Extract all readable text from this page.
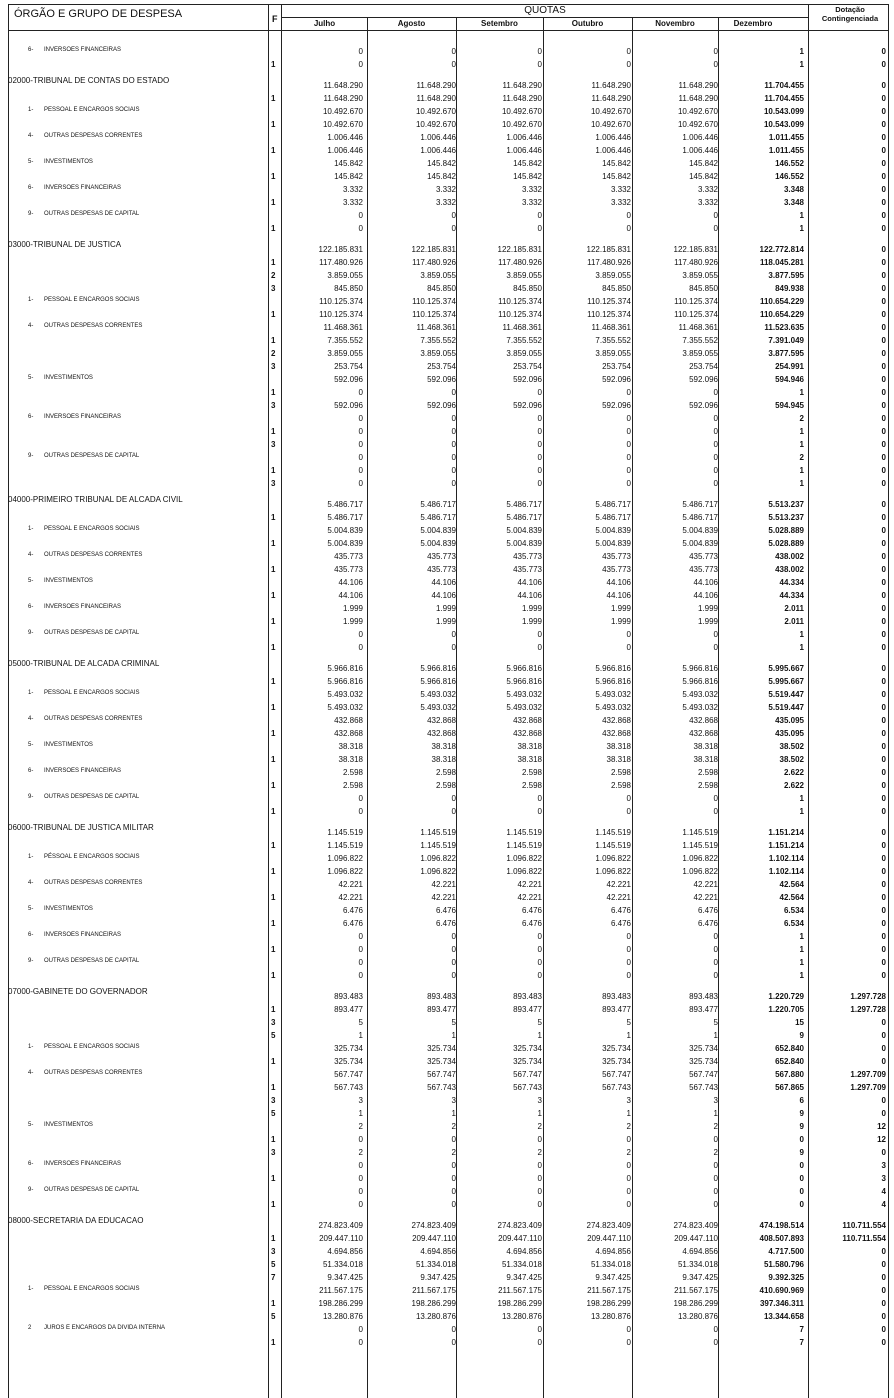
ÓRGÃO E GRUPO DE DESPESA	F
QUOTAS
Julho	Agosto	Setembro	Outubro	Novembro	Dezembro
Dotação
Contingenciada
6- INVERSOES FINANCEIRAS	0	0	0	0	0	1	0
1	0	0	0	0	0	1	0
02000-TRIBUNAL DE CONTAS DO ESTADO
11.648.290	11.648.290	11.648.290	11.648.290	11.648.290	11.704.455	0
1	11.648.290	11.648.290	11.648.290	11.648.290	11.648.290	11.704.455	0
1- PESSOAL E ENCARGOS SOCIAIS	10.492.670	10.492.670	10.492.670	10.492.670	10.492.670	10.543.099	0
1	10.492.670	10.492.670	10.492.670	10.492.670	10.492.670	10.543.099	0
4- OUTRAS DESPESAS CORRENTES	1.006.446	1.006.446	1.006.446	1.006.446	1.006.446	1.011.455	0
1	1.006.446	1.006.446	1.006.446	1.006.446	1.006.446	1.011.455	0
5- INVESTIMENTOS	145.842	145.842	145.842	145.842	145.842	146.552	0
1	145.842	145.842	145.842	145.842	145.842	146.552	0
6- INVERSOES FINANCEIRAS	3.332	3.332	3.332	3.332	3.332	3.348	0
1	3.332	3.332	3.332	3.332	3.332	3.348	0
9- OUTRAS DESPESAS DE CAPITAL	0	0	0	0	0	1	0
1	0	0	0	0	0	1	0
03000-TRIBUNAL DE JUSTICA
122.185.831	122.185.831	122.185.831	122.185.831	122.185.831	122.772.814	0
1	117.480.926	117.480.926	117.480.926	117.480.926	117.480.926	118.045.281	0
2	3.859.055	3.859.055	3.859.055	3.859.055	3.859.055	3.877.595	0
3	845.850	845.850	845.850	845.850	845.850	849.938	0
1- PESSOAL E ENCARGOS SOCIAIS	110.125.374	110.125.374	110.125.374	110.125.374	110.125.374	110.654.229	0
1	110.125.374	110.125.374	110.125.374	110.125.374	110.125.374	110.654.229	0
4- OUTRAS DESPESAS CORRENTES	11.468.361	11.468.361	11.468.361	11.468.361	11.468.361	11.523.635	0
1	7.355.552	7.355.552	7.355.552	7.355.552	7.355.552	7.391.049	0
2	3.859.055	3.859.055	3.859.055	3.859.055	3.859.055	3.877.595	0
3	253.754	253.754	253.754	253.754	253.754	254.991	0
5- INVESTIMENTOS	592.096	592.096	592.096	592.096	592.096	594.946	0
1	0	0	0	0	0	1	0
3	592.096	592.096	592.096	592.096	592.096	594.945	0
6- INVERSOES FINANCEIRAS	0	0	0	0	0	2	0
1	0	0	0	0	0	1	0
3	0	0	0	0	0	1	0
9- OUTRAS DESPESAS DE CAPITAL	0	0	0	0	0	2	0
1	0	0	0	0	0	1	0
3	0	0	0	0	0	1	0
04000-PRIMEIRO TRIBUNAL DE ALCADA CIVIL
5.486.717	5.486.717	5.486.717	5.486.717	5.486.717	5.513.237	0
1	5.486.717	5.486.717	5.486.717	5.486.717	5.486.717	5.513.237	0
1- PESSOAL E ENCARGOS SOCIAIS	5.004.839	5.004.839	5.004.839	5.004.839	5.004.839	5.028.889	0
1	5.004.839	5.004.839	5.004.839	5.004.839	5.004.839	5.028.889	0
4- OUTRAS DESPESAS CORRENTES	435.773	435.773	435.773	435.773	435.773	438.002	0
1	435.773	435.773	435.773	435.773	435.773	438.002	0
5- INVESTIMENTOS	44.106	44.106	44.106	44.106	44.106	44.334	0
1	44.106	44.106	44.106	44.106	44.106	44.334	0
6- INVERSOES FINANCEIRAS	1.999	1.999	1.999	1.999	1.999	2.011	0
1	1.999	1.999	1.999	1.999	1.999	2.011	0
9- OUTRAS DESPESAS DE CAPITAL	0	0	0	0	0	1	0
1	0	0	0	0	0	1	0
05000-TRIBUNAL DE ALCADA CRIMINAL
5.966.816	5.966.816	5.966.816	5.966.816	5.966.816	5.995.667	0
1	5.966.816	5.966.816	5.966.816	5.966.816	5.966.816	5.995.667	0
1- PESSOAL E ENCARGOS SOCIAIS	5.493.032	5.493.032	5.493.032	5.493.032	5.493.032	5.519.447	0
1	5.493.032	5.493.032	5.493.032	5.493.032	5.493.032	5.519.447	0
4- OUTRAS DESPESAS CORRENTES	432.868	432.868	432.868	432.868	432.868	435.095	0
1	432.868	432.868	432.868	432.868	432.868	435.095	0
5- INVESTIMENTOS	38.318	38.318	38.318	38.318	38.318	38.502	0
1	38.318	38.318	38.318	38.318	38.318	38.502	0
6- INVERSOES FINANCEIRAS	2.598	2.598	2.598	2.598	2.598	2.622	0
1	2.598	2.598	2.598	2.598	2.598	2.622	0
9- OUTRAS DESPESAS DE CAPITAL	0	0	0	0	0	1	0
1	0	0	0	0	0	1	0
06000-TRIBUNAL DE JUSTICA MILITAR
1.145.519	1.145.519	1.145.519	1.145.519	1.145.519	1.151.214	0
1	1.145.519	1.145.519	1.145.519	1.145.519	1.145.519	1.151.214	0
1- PÉSSOAL E ENCARGOS SOCIAIS	1.096.822	1.096.822	1.096.822	1.096.822	1.096.822	1.102.114	0
1	1.096.822	1.096.822	1.096.822	1.096.822	1.096.822	1.102.114	0
4- OUTRAS DESPESAS CORRENTES	42.221	42.221	42.221	42.221	42.221	42.564	0
1	42.221	42.221	42.221	42.221	42.221	42.564	0
5- INVESTIMENTOS	6.476	6.476	6.476	6.476	6.476	6.534	0
1	6.476	6.476	6.476	6.476	6.476	6.534	0
6- INVERSOES FINANCEIRAS	0	0	0	0	0	1	0
1	0	0	0	0	0	1	0
9- OUTRAS DESPESAS DE CAPITAL	0	0	0	0	0	1	0
1	0	0	0	0	0	1	0
07000-GABINETE DO GOVERNADOR
893.483	893.483	893.483	893.483	893.483	1.220.729	1.297.728
1	893.477	893.477	893.477	893.477	893.477	1.220.705	1.297.728
3	5	5	5	5	5	15	0
5	1	1	1	1	1	9	0
1- PESSOAL E ENCARGOS SOCIAIS	325.734	325.734	325.734	325.734	325.734	652.840	0
1	325.734	325.734	325.734	325.734	325.734	652.840	0
4- OUTRAS DESPESAS CORRENTES	567.747	567.747	567.747	567.747	567.747	567.880	1.297.709
1	567.743	567.743	567.743	567.743	567.743	567.865	1.297.709
3	3	3	3	3	3	6	0
5	1	1	1	1	1	9	0
5- INVESTIMENTOS	2	2	2	2	2	9	12
1	0	0	0	0	0	0	12
3	2	2	2	2	2	9	0
6- INVERSOES FINANCEIRAS	0	0	0	0	0	0	3
1	0	0	0	0	0	0	3
9- OUTRAS DESPESAS DE CAPITAL	0	0	0	0	0	0	4
1	0	0	0	0	0	0	4
08000-SECRETARIA DA EDUCACAO
274.823.409	274.823.409	274.823.409	274.823.409	274.823.409	474.198.514	110.711.554
1	209.447.110	209.447.110	209.447.110	209.447.110	209.447.110	408.507.893	110.711.554
3	4.694.856	4.694.856	4.694.856	4.694.856	4.694.856	4.717.500	0
5	51.334.018	51.334.018	51.334.018	51.334.018	51.334.018	51.580.796	0
7	9.347.425	9.347.425	9.347.425	9.347.425	9.347.425	9.392.325	0
1- PESSOAL E ENCARGOS SOCIAIS	211.567.175	211.567.175	211.567.175	211.567.175	211.567.175	410.690.969	0
1	198.286.299	198.286.299	198.286.299	198.286.299	198.286.299	397.346.311	0
5	13.280.876	13.280.876	13.280.876	13.280.876	13.280.876	13.344.658	0
2 JUROS E ENCARGOS DA DIVIDA INTERNA	0	0	0	0	0	7	0
1	0	0	0	0	0	7	0
